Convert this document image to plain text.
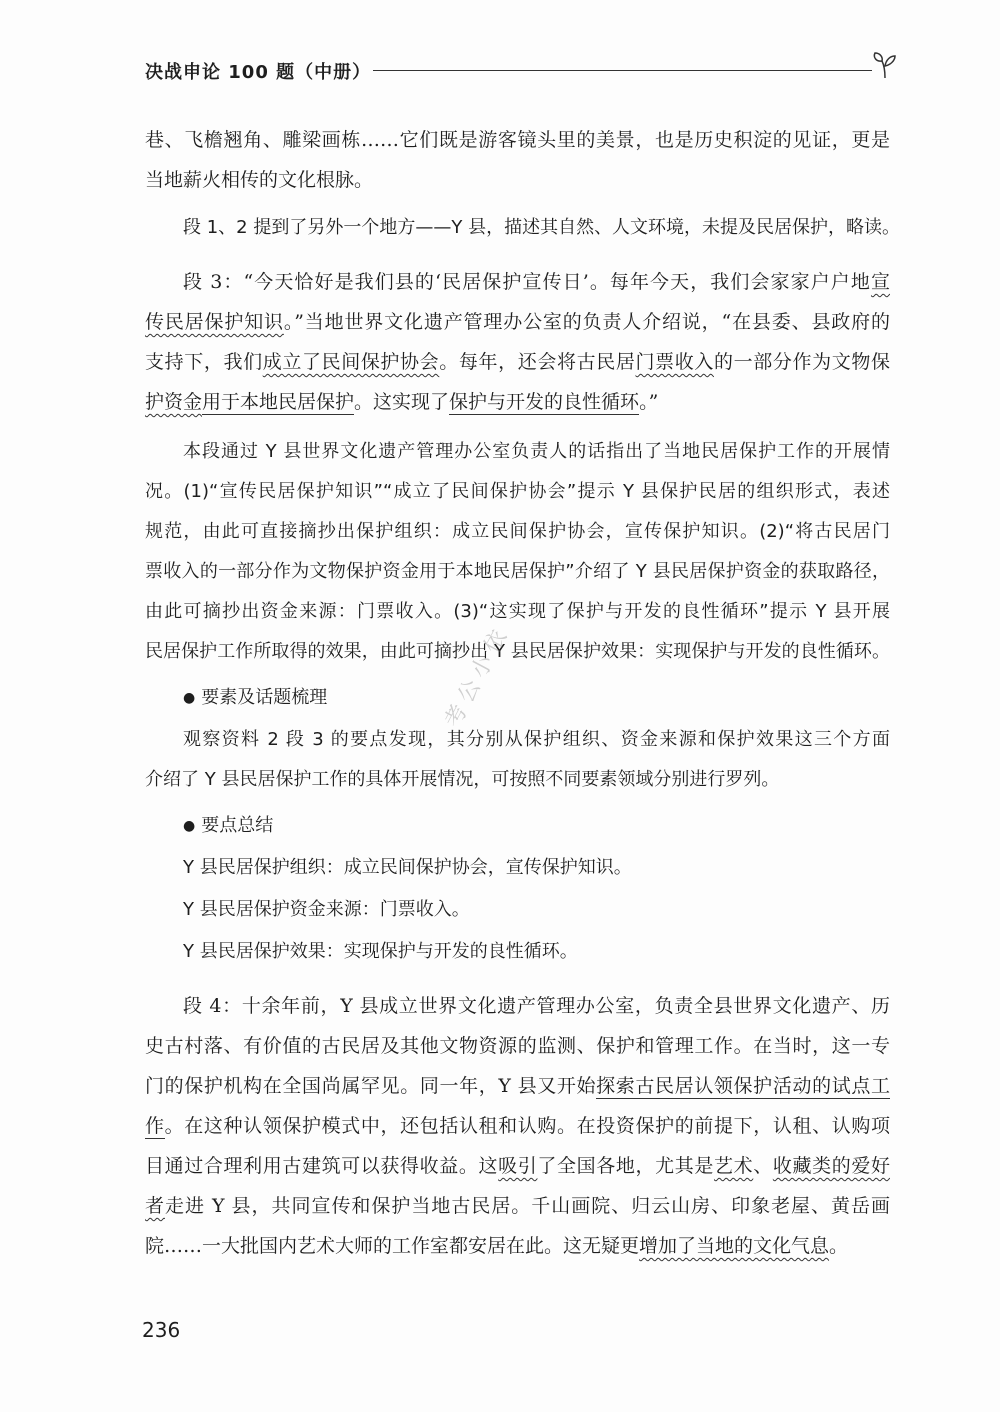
决战申论 100 题（中册）
巷、飞檐翘角、雕梁画栋……它们既是游客镜头里的美景，也是历史积淀的见证，更是
当地薪火相传的文化根脉。
段 1、2 提到了另外一个地方——Y 县，描述其自然、人文环境，未提及民居保护，略读。
段 3：“今天恰好是我们县的‘民居保护宣传日’。每年今天，我们会家家户户地宣
传民居保护知识。”当地世界文化遗产管理办公室的负责人介绍说，“在县委、县政府的
支持下，我们成立了民间保护协会。每年，还会将古民居门票收入的一部分作为文物保
护资金用于本地民居保护。这实现了保护与开发的良性循环。”
本段通过 Y 县世界文化遗产管理办公室负责人的话指出了当地民居保护工作的开展情
况。(1)“宣传民居保护知识”“成立了民间保护协会”提示 Y 县保护民居的组织形式，表述
规范，由此可直接摘抄出保护组织：成立民间保护协会，宣传保护知识。(2)“将古民居门
票收入的一部分作为文物保护资金用于本地民居保护”介绍了 Y 县民居保护资金的获取路径，
由此可摘抄出资金来源：门票收入。(3)“这实现了保护与开发的良性循环”提示 Y 县开展
民居保护工作所取得的效果，由此可摘抄出 Y 县民居保护效果：实现保护与开发的良性循环。
● 要素及话题梳理
观察资料 2 段 3 的要点发现，其分别从保护组织、资金来源和保护效果这三个方面
介绍了 Y 县民居保护工作的具体开展情况，可按照不同要素领域分别进行罗列。
● 要点总结
Y 县民居保护组织：成立民间保护协会，宣传保护知识。
Y 县民居保护资金来源：门票收入。
Y 县民居保护效果：实现保护与开发的良性循环。
段 4：十余年前，Y 县成立世界文化遗产管理办公室，负责全县世界文化遗产、历
史古村落、有价值的古民居及其他文物资源的监测、保护和管理工作。在当时，这一专
门的保护机构在全国尚属罕见。同一年，Y 县又开始探索古民居认领保护活动的试点工
作。在这种认领保护模式中，还包括认租和认购。在投资保护的前提下，认租、认购项
目通过合理利用古建筑可以获得收益。这吸引了全国各地，尤其是艺术、收藏类的爱好
者走进 Y 县，共同宣传和保护当地古民居。千山画院、归云山房、印象老屋、黄岳画
院……一大批国内艺术大师的工作室都安居在此。这无疑更增加了当地的文化气息。
考公小依
236
